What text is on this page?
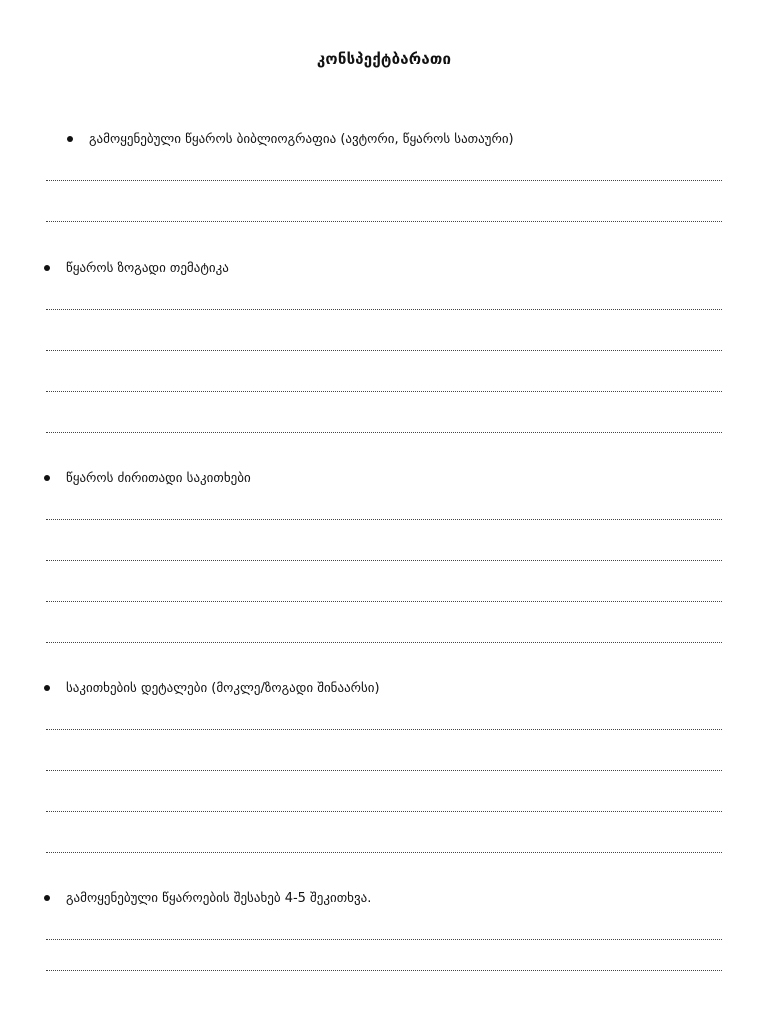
კონსპექტბარათი
გამოყენებული წყაროს ბიბლიოგრაფია (ავტორი, წყაროს სათაური)
წყაროს ზოგადი თემატიკა
წყაროს ძირითადი საკითხები
საკითხების დეტალები (მოკლე/ზოგადი შინაარსი)
გამოყენებული წყაროების შესახებ 4-5 შეკითხვა.
